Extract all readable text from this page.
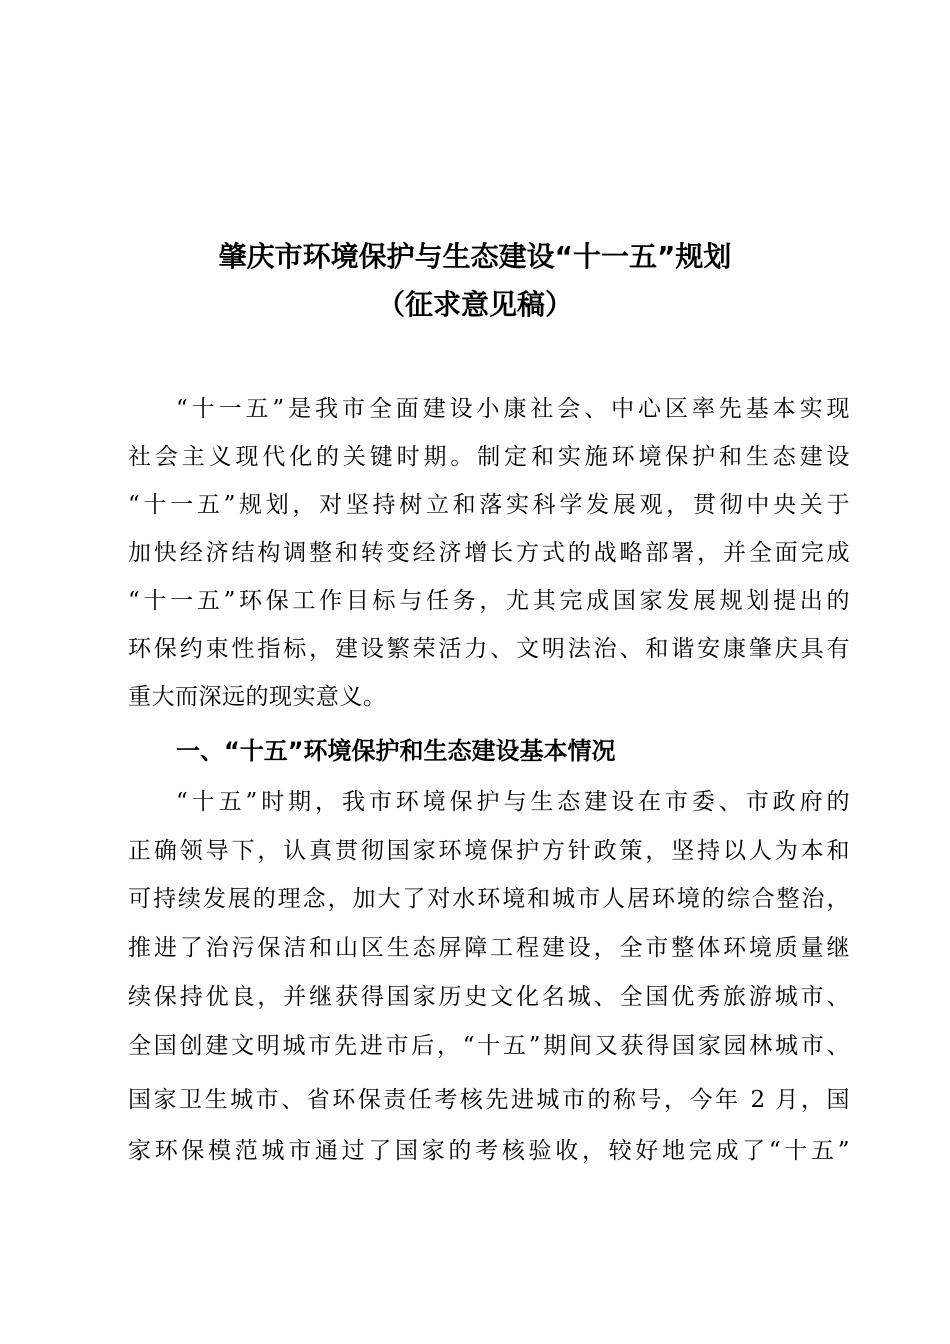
肇庆市环境保护与生态建设“十一五”规划
（征求意见稿）
“十一五”是我市全面建设小康社会、中心区率先基本实现
社会主义现代化的关键时期。制定和实施环境保护和生态建设
“十一五”规划，对坚持树立和落实科学发展观，贯彻中央关于
加快经济结构调整和转变经济增长方式的战略部署，并全面完成
“十一五”环保工作目标与任务，尤其完成国家发展规划提出的
环保约束性指标，建设繁荣活力、文明法治、和谐安康肇庆具有
重大而深远的现实意义。
一、“十五”环境保护和生态建设基本情况
“十五”时期，我市环境保护与生态建设在市委、市政府的
正确领导下，认真贯彻国家环境保护方针政策，坚持以人为本和
可持续发展的理念，加大了对水环境和城市人居环境的综合整治，
推进了治污保洁和山区生态屏障工程建设，全市整体环境质量继
续保持优良，并继获得国家历史文化名城、全国优秀旅游城市、
全国创建文明城市先进市后，“十五”期间又获得国家园林城市、
国家卫生城市、省环保责任考核先进城市的称号，今年 2 月，国
家环保模范城市通过了国家的考核验收，较好地完成了“十五”
